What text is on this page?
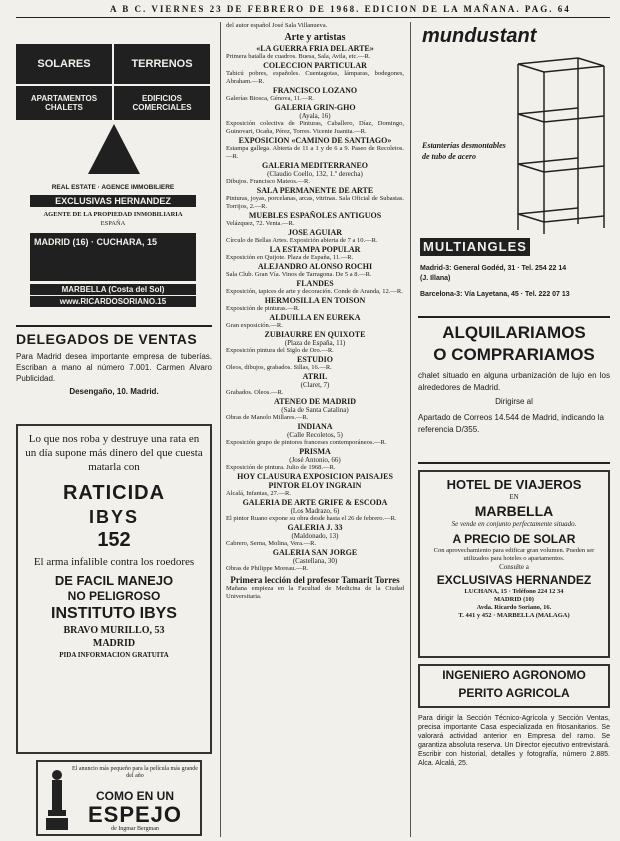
A B C. VIERNES 23 DE FEBRERO DE 1968. EDICION DE LA MAÑANA. PAG. 64
SOLARES	TERRENOS
APARTAMENTOS CHALETS
EDIFICIOS COMERCIALES
REAL ESTATE · AGENCE IMMOBILIERE
EXCLUSIVAS HERNANDEZ
AGENTE DE LA PROPIEDAD INMOBILIARIA
ESPAÑA
MADRID (16) · CUCHARA, 15
MARBELLA (Costa del Sol)
www.RICARDOSORIANO.15
DELEGADOS DE VENTAS
Para Madrid desea importante empresa de tuberías. Escriban a mano al número 7.001. Carmen Alvaro Publicidad.
Desengaño, 10. Madrid.
Lo que nos roba y destruye una rata en un día supone más dinero del que cuesta matarla con
RATICIDA
IBYS
152
El arma infalible contra los roedores
DE FACIL MANEJO
NO PELIGROSO
INSTITUTO IBYS
BRAVO MURILLO, 53
MADRID
PIDA INFORMACION GRATUITA
El anuncio más pequeño para la película más grande del año
COMO EN UN
ESPEJO
de Ingmar Bergman

del autor español José Sala Villanueva.

Arte y artistas

«LA GUERRA FRIA DEL ARTE»

Primera batalla de cuadros. Buesa, Sala, Avila, etc.—R.

COLECCION PARTICULAR

Tabicú pobres, españoles. Cuentagotas, lámparas, bodegones, Abraham.—R.

FRANCISCO LOZANO

Galerías Biosca, Génova, 11.—R.

GALERIA GRIN-GHO

(Ayala, 16)

Exposición colectiva de Pinturas, Caballero, Díaz, Domingo, Guinovart, Ocaña, Pérez, Torres. Vicente Juanita.—R.

EXPOSICION «CAMINO DE SANTIAGO»

Estampa gallega. Abierta de 11 a 1 y de 6 a 9. Paseo de Recoletos.—R.

GALERIA MEDITERRANEO

(Claudio Coello, 132, 1.º derecha)

Dibujos. Francisco Mateos.—R.

SALA PERMANENTE DE ARTE

Pinturas, joyas, porcelanas, arcas, vitrinas. Sala Oficial de Subastas. Torrijos, 2.—R.

MUEBLES ESPAÑOLES ANTIGUOS

Velázquez, 72. Venta.—R.

JOSE AGUIAR

Círculo de Bellas Artes. Exposición abierta de 7 a 10.—R.

LA ESTAMPA POPULAR

Exposición en Quijote. Plaza de España, 11.—R.

ALEJANDRO ALONSO ROCHI

Sala Club. Gran Vía. Vinos de Tarragona. De 5 a 8.—R.

FLANDES

Exposición, tapices de arte y decoración. Conde de Aranda, 12.—R.

HERMOSILLA EN TOISON

Exposición de pinturas.—R.

ALDUILLA EN EUREKA

Gran exposición.—R.

ZUBIAURRE EN QUIXOTE

(Plaza de España, 11)

Exposición pintura del Siglo de Oro.—R.

ESTUDIO

Oleos, dibujos, grabados. Sillas, 16.—R.

ATRIL

(Claret, 7)

Grabados. Oleos.—R.

ATENEO DE MADRID

(Sala de Santa Catalina)

Obras de Manolo Millares.—R.

INDIANA

(Calle Recoletos, 5)

Exposición grupo de pintores franceses contemporáneos.—R.

PRISMA

(José Antonio, 66)

Exposición de pintura. Julio de 1968.—R.

HOY CLAUSURA EXPOSICION PAISAJES PINTOR ELOY INGRAIN

Alcalá, Infantas, 27.—R.

GALERIA DE ARTE GRIFE & ESCODA

(Los Madrazo, 6)

El pintor Ruano expone su obra desde hasta el 26 de febrero.—R.

GALERIA J. 33

(Maldonado, 13)

Cabrero, Serna, Molina, Vera.—R.

GALERIA SAN JORGE

(Castellana, 30)

Obras de Philippe Moreau.—R.

Primera lección del profesor Tamarit Torres

Mañana empieza en la Facultad de Medicina de la Ciudad Universitaria.

mundustant
Estanterías desmontables de tubo de acero
MULTIANGLES
Madrid-3: General Godéd, 31 · Tel. 254 22 14
(J. Illana)
Barcelona-3: Vía Layetana, 45 · Tel. 222 07 13
ALQUILARIAMOS
O COMPRARIAMOS
chalet situado en alguna urbanización de lujo en los alrededores de Madrid.
Dirigirse al
Apartado de Correos 14.544 de Madrid, indicando la referencia D/355.
HOTEL DE VIAJEROS
EN
MARBELLA
Se vende en conjunto perfectamente situado.
A PRECIO DE SOLAR
Con aprovechamiento para edificar gran volumen. Pueden ser utilizados para hoteles o apartamentos.
Consulte a
EXCLUSIVAS HERNANDEZ
LUCHANA, 15 · Teléfono 224 12 34
MADRID (10)
Avda. Ricardo Soriano, 16.
T. 441 y 452 · MARBELLA (MALAGA)
INGENIERO AGRONOMO
PERITO AGRICOLA
Para dirigir la Sección Técnico-Agrícola y Sección Ventas, precisa importante Casa especializada en fitosanitarios. Se valorará actividad anterior en Empresa del ramo. Se garantiza absoluta reserva. Un Director ejecutivo entrevistará. Escribir con historial, detalles y fotografía, número 2.885. Alca. Alcalá, 25.
